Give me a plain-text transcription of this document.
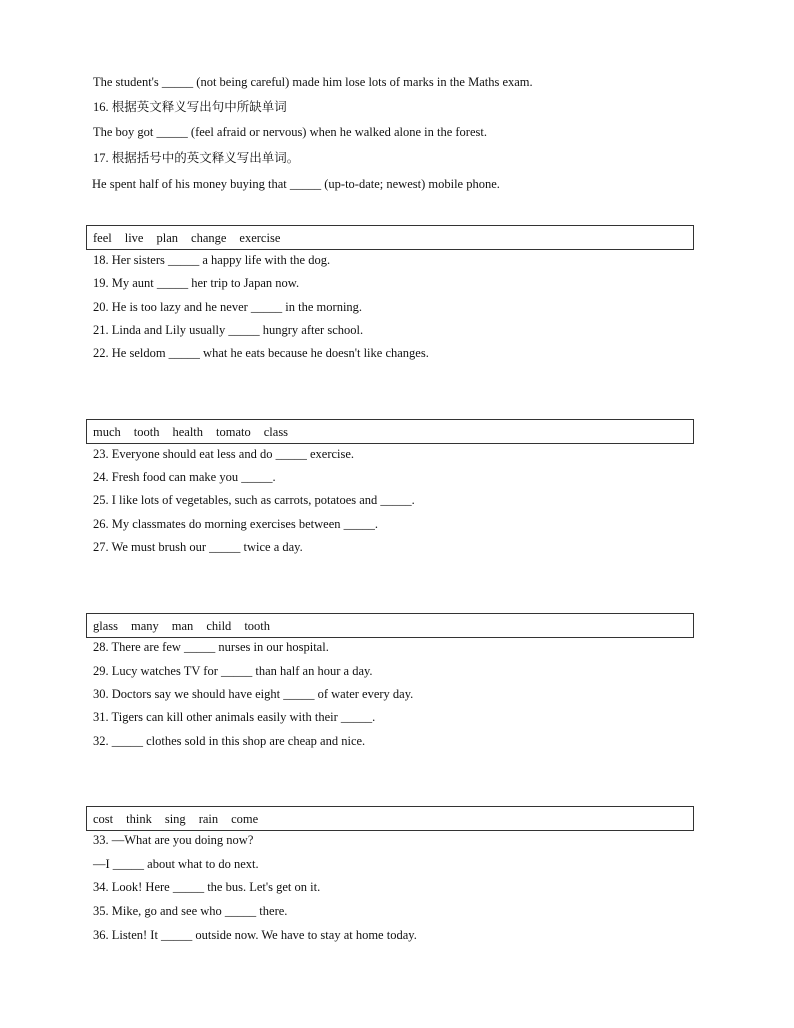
The student's _____ (not being careful) made him lose lots of marks in the Maths exam.
16. 根据英文释义写出句中所缺单词
The boy got _____ (feel afraid or nervous) when he walked alone in the forest.
17. 根据括号中的英文释义写出单词。
He spent half of his money buying that _____ (up-to-date; newest) mobile phone.
feel live plan change exercise
18. Her sisters _____ a happy life with the dog.
19. My aunt _____ her trip to Japan now.
20. He is too lazy and he never _____ in the morning.
21. Linda and Lily usually _____ hungry after school.
22. He seldom _____ what he eats because he doesn't like changes.
much tooth health tomato class
23. Everyone should eat less and do _____ exercise.
24. Fresh food can make you _____.
25. I like lots of vegetables, such as carrots, potatoes and _____.
26. My classmates do morning exercises between _____.
27. We must brush our _____ twice a day.
glass many man child tooth
28. There are few _____ nurses in our hospital.
29. Lucy watches TV for _____ than half an hour a day.
30. Doctors say we should have eight _____ of water every day.
31. Tigers can kill other animals easily with their _____.
32. _____ clothes sold in this shop are cheap and nice.
cost think sing rain come
33. —What are you doing now?
—I _____ about what to do next.
34. Look! Here _____ the bus. Let's get on it.
35. Mike, go and see who _____ there.
36. Listen! It _____ outside now. We have to stay at home today.
